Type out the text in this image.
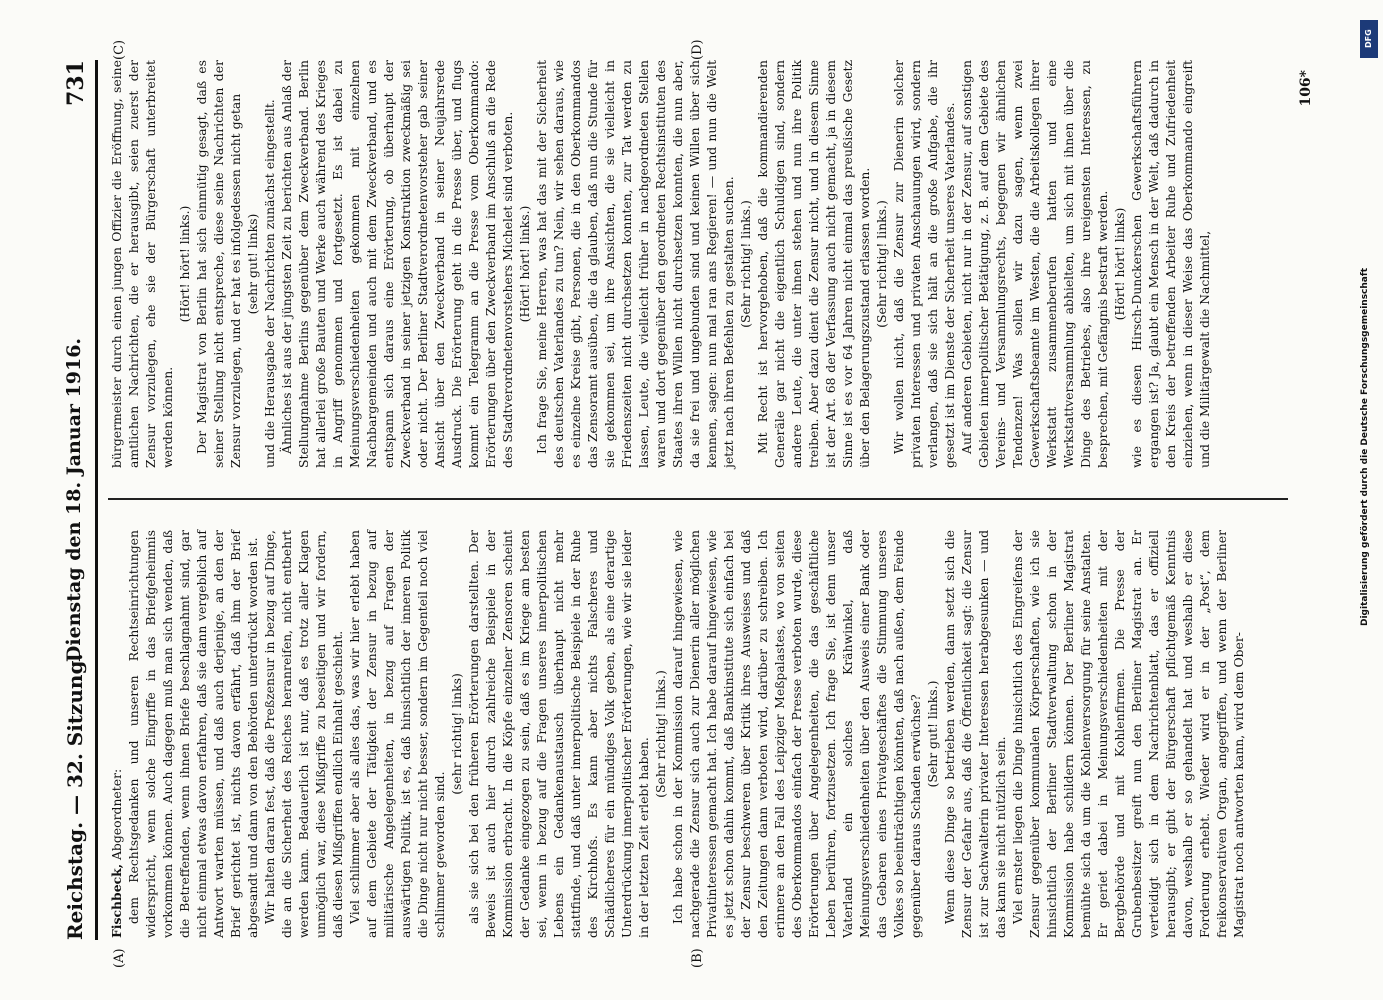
Reichstag. — 32. Sitzung.
Dienstag den 18. Januar 1916.
731
(A)	(B)
(C)	(D)

Fischbeck, Abgeordneter: dem Rechtsgedanken und unseren Rechtseinrichtungen widerspricht, wenn solche Eingriffe in das Briefgeheimnis vorkommen können. Auch dagegen muß man sich wenden, daß die Betreffenden, wenn ihnen Briefe beschlagnahmt sind, gar nicht einmal etwas davon erfahren, daß sie dann vergeblich auf Antwort warten müssen, und daß auch derjenige, an den der Brief gerichtet ist, nichts davon erfährt, daß ihm der Brief abgesandt und dann von den Behörden unterdrückt worden ist. Wir halten daran fest, daß die Preßzensur in bezug auf Dinge, die an die Sicherheit des Reiches heranreifen, nicht entbehrt werden kann. Bedauerlich ist nur, daß es trotz aller Klagen unmöglich war, diese Mißgriffe zu beseitigen und wir fordern, daß diesen Mißgriffen endlich Einhalt geschieht. Viel schlimmer aber als alles das, was wir hier erlebt haben auf dem Gebiete der Tätigkeit der Zensur in bezug auf militärische Angelegenheiten, in bezug auf Fragen der auswärtigen Politik, ist es, daß hinsichtlich der inneren Politik die Dinge nicht nur nicht besser, sondern im Gegenteil noch viel schlimmer geworden sind.

(sehr richtig! links) als sie sich bei den früheren Erörterungen darstellten. Der Beweis ist auch hier durch zahlreiche Beispiele in der Kommission erbracht. In die Köpfe einzelner Zensoren scheint der Gedanke eingezogen zu sein, daß es im Kriege am besten sei, wenn in bezug auf die Fragen unseres innerpolitischen Lebens ein Gedankenaustausch überhaupt nicht mehr stattfinde, und daß unter innerpolitische Beispiele in der Ruhe des Kirchhofs. Es kann aber nichts Falscheres und Schädlicheres für ein mündiges Volk geben, als eine derartige Unterdrückung innerpolitischer Erörterungen, wie wir sie leider in der letzten Zeit erlebt haben.

(Sehr richtig! links.) Ich habe schon in der Kommission darauf hingewiesen, wie nachgerade die Zensur sich auch zur Dienerin aller möglichen Privatinteressen gemacht hat. Ich habe darauf hingewiesen, wie es jetzt schon dahin kommt, daß Bankinstitute sich einfach bei der Zensur beschweren über Kritik ihres Ausweises und daß den Zeitungen dann verboten wird, darüber zu schreiben. Ich erinnere an den Fall des Leipziger Meßpalastes, wo von seiten des Oberkommandos einfach der Presse verboten wurde, diese Erörterungen über Angelegenheiten, die das geschäftliche Leben berühren, fortzusetzen. Ich frage Sie, ist denn unser Vaterland ein solches Krähwinkel, daß Meinungsverschiedenheiten über den Ausweis einer Bank oder das Gebaren eines Privatgeschäftes die Stimmung unseres Volkes so beeinträchtigen könnten, daß nach außen, dem Feinde gegenüber daraus Schaden erwüchse? (Sehr gut! links.) Wenn diese Dinge so betrieben werden, dann setzt sich die Zensur der Gefahr aus, daß die Öffentlichkeit sagt: die Zensur ist zur Sachwalterin privater Interessen herabgesunken — und das kann sie nicht nützlich sein. Viel ernster liegen die Dinge hinsichtlich des Eingreifens der Zensur gegenüber kommunalen Körperschaften, wie ich sie hinsichtlich der Berliner Stadtverwaltung schon in der Kommission habe schildern können. Der Berliner Magistrat bemühte sich da um die Kohlenversorgung für seine Anstalten. Er geriet dabei in Meinungsverschiedenheiten mit der Bergbehörde und mit Kohlenfirmen. Die Presse der Grubenbesitzer greift nun den Berliner Magistrat an. Er verteidigt sich in dem Nachrichtenblatt, das er offiziell herausgibt; er gibt der Bürgerschaft pflichtgemäß Kenntnis davon, weshalb er so gehandelt hat und weshalb er diese Forderung erhebt. Wieder wird er in der „Post“, dem freikonservativen Organ, angegriffen, und wenn der Berliner Magistrat noch antworten kann, wird dem Ober-

bürgermeister durch einen jungen Offizier die Eröffnung, seine amtlichen Nachrichten, die er herausgibt, seien zuerst der Zensur vorzulegen, ehe sie der Bürgerschaft unterbreitet werden können.

(Hört! hört! links.) Der Magistrat von Berlin hat sich einmütig gesagt, daß es seiner Stellung nicht entspreche, diese seine Nachrichten der Zensur vorzulegen, und er hat es infolgedessen nicht getan (sehr gut! links) und die Herausgabe der Nachrichten zunächst eingestellt. Ähnliches ist aus der jüngsten Zeit zu berichten aus Anlaß der Stellungnahme Berlins gegenüber dem Zweckverband. Berlin hat allerlei große Bauten und Werke auch während des Krieges in Angriff genommen und fortgesetzt. Es ist dabei zu Meinungsverschiedenheiten gekommen mit einzelnen Nachbargemeinden und auch mit dem Zweckverband, und es entspann sich daraus eine Erörterung, ob überhaupt der Zweckverband in seiner jetzigen Konstruktion zweckmäßig sei oder nicht. Der Berliner Stadtverordnetenvorsteher gab seiner Ansicht über den Zweckverband in seiner Neujahrsrede Ausdruck. Die Erörterung geht in die Presse über, und flugs kommt ein Telegramm an die Presse vom Oberkommando: Erörterungen über den Zweckverband im Anschluß an die Rede des Stadtverordnetenvorstehers Michelet sind verboten. (Hört! hört! links.) Ich frage Sie, meine Herren, was hat das mit der Sicherheit des deutschen Vaterlandes zu tun? Nein, wir sehen daraus, wie es einzelne Kreise gibt, Personen, die in den Oberkommandos das Zensoramt ausüben, die da glauben, daß nun die Stunde für sie gekommen sei, um ihre Ansichten, die sie vielleicht in Friedenszeiten nicht durchsetzen konnten, zur Tat werden zu lassen, Leute, die vielleicht früher in nachgeordneten Stellen waren und dort gegenüber den geordneten Rechtsinstituten des Staates ihren Willen nicht durchsetzen konnten, die nun aber, da sie frei und ungebunden sind und keinen Willen über sich kennen, sagen: nun mal ran ans Regieren! — und nun die Welt jetzt nach ihren Befehlen zu gestalten suchen. (Sehr richtig! links.) Mit Recht ist hervorgehoben, daß die kommandierenden Generäle gar nicht die eigentlich Schuldigen sind, sondern andere Leute, die unter ihnen stehen und nun ihre Politik treiben. Aber dazu dient die Zensur nicht, und in diesem Sinne ist der Art. 68 der Verfassung auch nicht gemacht, ja in diesem Sinne ist es vor 64 Jahren nicht einmal das preußische Gesetz über den Belagerungszustand erlassen worden. (Sehr richtig! links.) Wir wollen nicht, daß die Zensur zur Dienerin solcher privaten Interessen und privaten Anschauungen wird, sondern verlangen, daß sie sich hält an die große Aufgabe, die ihr gesetzt ist im Dienste der Sicherheit unseres Vaterlandes. Auf anderen Gebieten, nicht nur in der Zensur, auf sonstigen Gebieten innerpolitischer Betätigung, z. B. auf dem Gebiete des Vereins- und Versammlungsrechts, begegnen wir ähnlichen Tendenzen! Was sollen wir dazu sagen, wenn zwei Gewerkschaftsbeamte im Westen, die die Arbeitskollegen ihrer Werkstatt zusammenberufen hatten und eine Werkstattversammlung abhielten, um sich mit ihnen über die Dinge des Betriebes, also ihre ureigensten Interessen, zu besprechen, mit Gefängnis bestraft werden. (Hört! hört! links) wie es diesen Hirsch-Dunckerschen Gewerkschaftsführern ergangen ist? Ja, glaubt ein Mensch in der Welt, daß dadurch in den Kreis der betreffenden Arbeiter Ruhe und Zufriedenheit einziehen, wenn in dieser Weise das Oberkommando eingreift und die Militärgewalt die Nachmittel,

106*
DFG
Digitalisierung gefördert durch die Deutsche Forschungsgemeinschaft
